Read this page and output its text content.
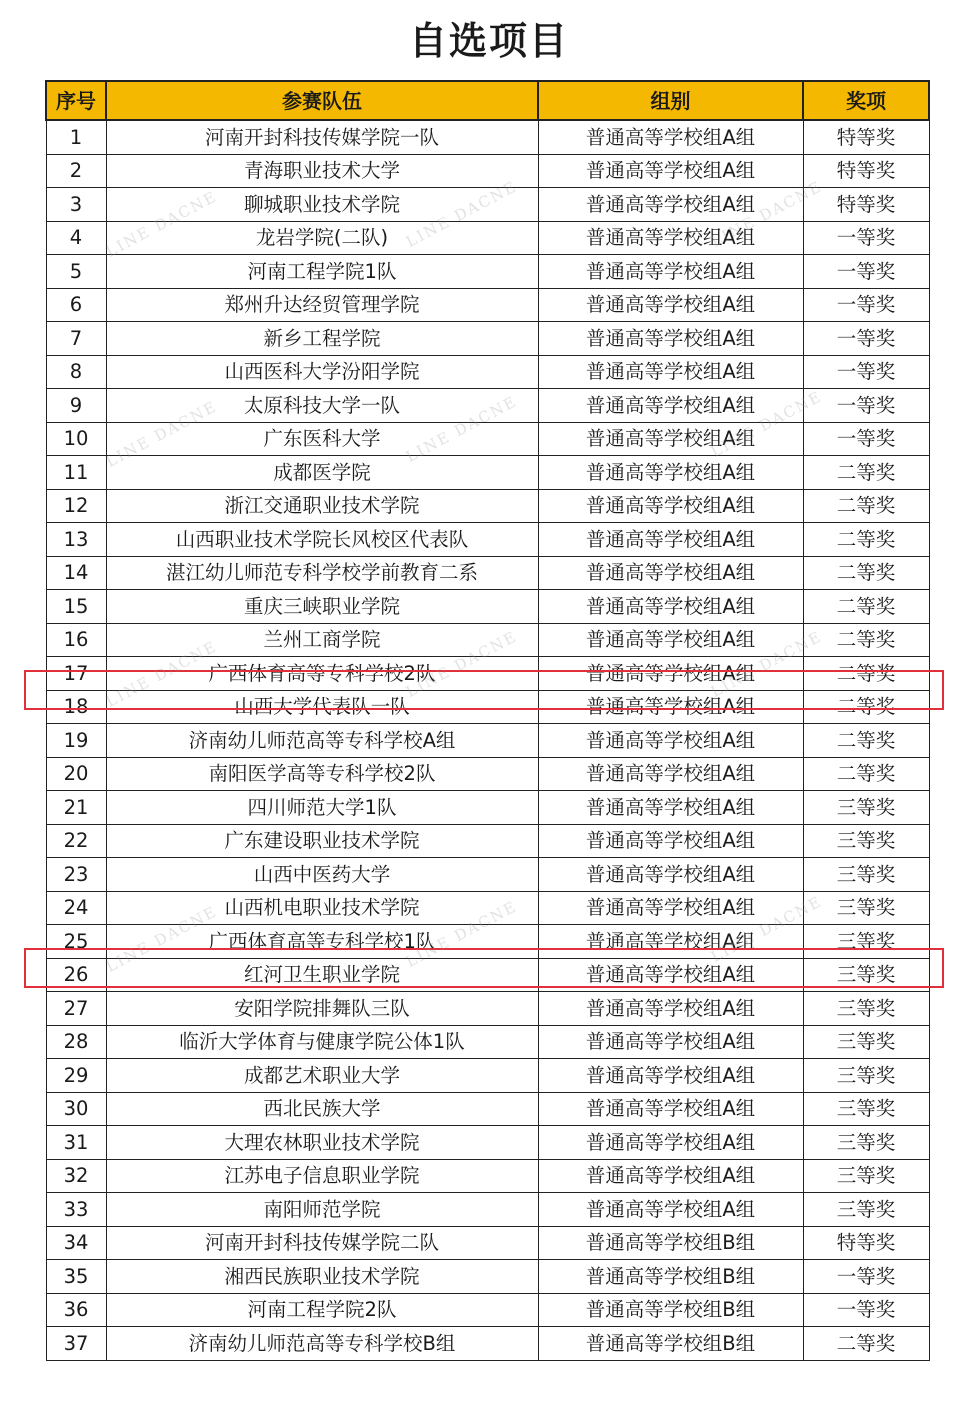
自选项目
序号	参赛队伍	组别	奖项
1	河南开封科技传媒学院一队	普通高等学校组A组	特等奖
2	青海职业技术大学	普通高等学校组A组	特等奖
3	聊城职业技术学院	普通高等学校组A组	特等奖
4	龙岩学院(二队)	普通高等学校组A组	一等奖
5	河南工程学院1队	普通高等学校组A组	一等奖
6	郑州升达经贸管理学院	普通高等学校组A组	一等奖
7	新乡工程学院	普通高等学校组A组	一等奖
8	山西医科大学汾阳学院	普通高等学校组A组	一等奖
9	太原科技大学一队	普通高等学校组A组	一等奖
10	广东医科大学	普通高等学校组A组	一等奖
11	成都医学院	普通高等学校组A组	二等奖
12	浙江交通职业技术学院	普通高等学校组A组	二等奖
13	山西职业技术学院长风校区代表队	普通高等学校组A组	二等奖
14	湛江幼儿师范专科学校学前教育二系	普通高等学校组A组	二等奖
15	重庆三峡职业学院	普通高等学校组A组	二等奖
16	兰州工商学院	普通高等学校组A组	二等奖
17	广西体育高等专科学校2队	普通高等学校组A组	二等奖
18	山西大学代表队一队	普通高等学校组A组	二等奖
19	济南幼儿师范高等专科学校A组	普通高等学校组A组	二等奖
20	南阳医学高等专科学校2队	普通高等学校组A组	二等奖
21	四川师范大学1队	普通高等学校组A组	三等奖
22	广东建设职业技术学院	普通高等学校组A组	三等奖
23	山西中医药大学	普通高等学校组A组	三等奖
24	山西机电职业技术学院	普通高等学校组A组	三等奖
25	广西体育高等专科学校1队	普通高等学校组A组	三等奖
26	红河卫生职业学院	普通高等学校组A组	三等奖
27	安阳学院排舞队三队	普通高等学校组A组	三等奖
28	临沂大学体育与健康学院公体1队	普通高等学校组A组	三等奖
29	成都艺术职业大学	普通高等学校组A组	三等奖
30	西北民族大学	普通高等学校组A组	三等奖
31	大理农林职业技术学院	普通高等学校组A组	三等奖
32	江苏电子信息职业学院	普通高等学校组A组	三等奖
33	南阳师范学院	普通高等学校组A组	三等奖
34	河南开封科技传媒学院二队	普通高等学校组B组	特等奖
35	湘西民族职业技术学院	普通高等学校组B组	一等奖
36	河南工程学院2队	普通高等学校组B组	一等奖
37	济南幼儿师范高等专科学校B组	普通高等学校组B组	二等奖
LINE DACNE	LINE DACNE	LINE DACNE
LINE DACNE	LINE DACNE	LINE DACNE
LINE DACNE	LINE DACNE	LINE DACNE
LINE DACNE	LINE DACNE	LINE DACNE
